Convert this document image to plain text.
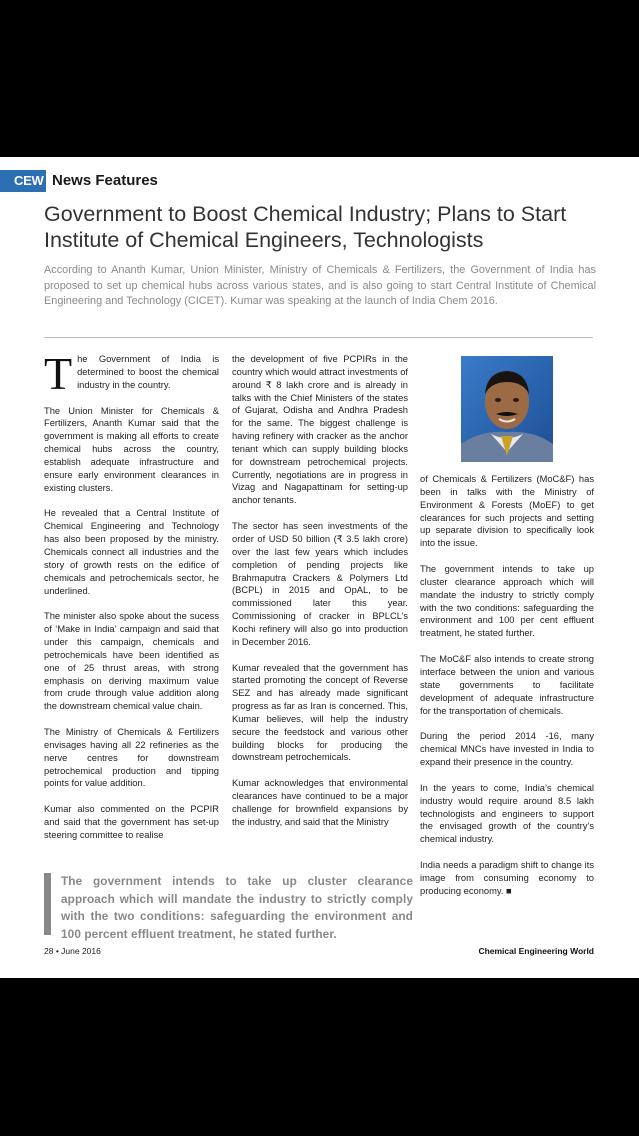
CEW News Features
Government to Boost Chemical Industry; Plans to Start Institute of Chemical Engineers, Technologists
According to Ananth Kumar, Union Minister, Ministry of Chemicals & Fertilizers, the Government of India has proposed to set up chemical hubs across various states, and is also going to start Central Institute of Chemical Engineering and Technology (CICET). Kumar was speaking at the launch of India Chem 2016.

The Government of India is determined to boost the chemical industry in the country.

The Union Minister for Chemicals & Fertilizers, Ananth Kumar said that the government is making all efforts to create chemical hubs across the country, establish adequate infrastructure and ensure early environment clearances in existing clusters.

He revealed that a Central Institute of Chemical Engineering and Technology has also been proposed by the ministry. Chemicals connect all industries and the story of growth rests on the edifice of chemicals and petrochemicals sector, he underlined.

The minister also spoke about the sucess of ‘Make in India’ campaign and said that under this campaign, chemicals and petrochemicals have been identified as one of 25 thrust areas, with strong emphasis on deriving maximum value from crude through value addition along the downstream chemical value chain.

The Ministry of Chemicals & Fertilizers envisages having all 22 refineries as the nerve centres for downstream petrochemical production and tipping points for value addition.

Kumar also commented on the PCPIR and said that the government has set-up steering committee to realise

the development of five PCPIRs in the country which would attract investments of around ₹ 8 lakh crore and is already in talks with the Chief Ministers of the states of Gujarat, Odisha and Andhra Pradesh for the same. The biggest challenge is having refinery with cracker as the anchor tenant which can supply building blocks for downstream petrochemical projects. Currently, negotiations are in progress in Vizag and Nagapattinam for setting-up anchor tenants.

The sector has seen investments of the order of USD 50 billion (₹ 3.5 lakh crore) over the last few years which includes completion of pending projects like Brahmaputra Crackers & Polymers Ltd (BCPL) in 2015 and OpAL, to be commissioned later this year. Commissioning of cracker in BPLCL’s Kochi refinery will also go into production in December 2016.

Kumar revealed that the government has started promoting the concept of Reverse SEZ and has already made significant progress as far as Iran is concerned. This, Kumar believes, will help the industry secure the feedstock and various other building blocks for producing the downstream petrochemicals.

Kumar acknowledges that environmental clearances have continued to be a major challenge for brownfield expansions by the industry, and said that the Ministry

of Chemicals & Fertilizers (MoC&F) has been in talks with the Ministry of Environment & Forests (MoEF) to get clearances for such projects and setting up separate division to specifically look into the issue.

The government intends to take up cluster clearance approach which will mandate the industry to strictly comply with the two conditions: safeguarding the environment and 100 per cent effluent treatment, he stated further.

The MoC&F also intends to create strong interface between the union and various state governments to facilitate development of adequate infrastructure for the transportation of chemicals.

During the period 2014 -16, many chemical MNCs have invested in India to expand their presence in the country.

In the years to come, India’s chemical industry would require around 8.5 lakh technologists and engineers to support the envisaged growth of the country’s chemical industry.

India needs a paradigm shift to change its image from consuming economy to producing economy. ■

The government intends to take up cluster clearance approach which will mandate the industry to strictly comply with the two conditions: safeguarding the environment and 100 percent effluent treatment, he stated further.
28 • June 2016	Chemical Engineering World
